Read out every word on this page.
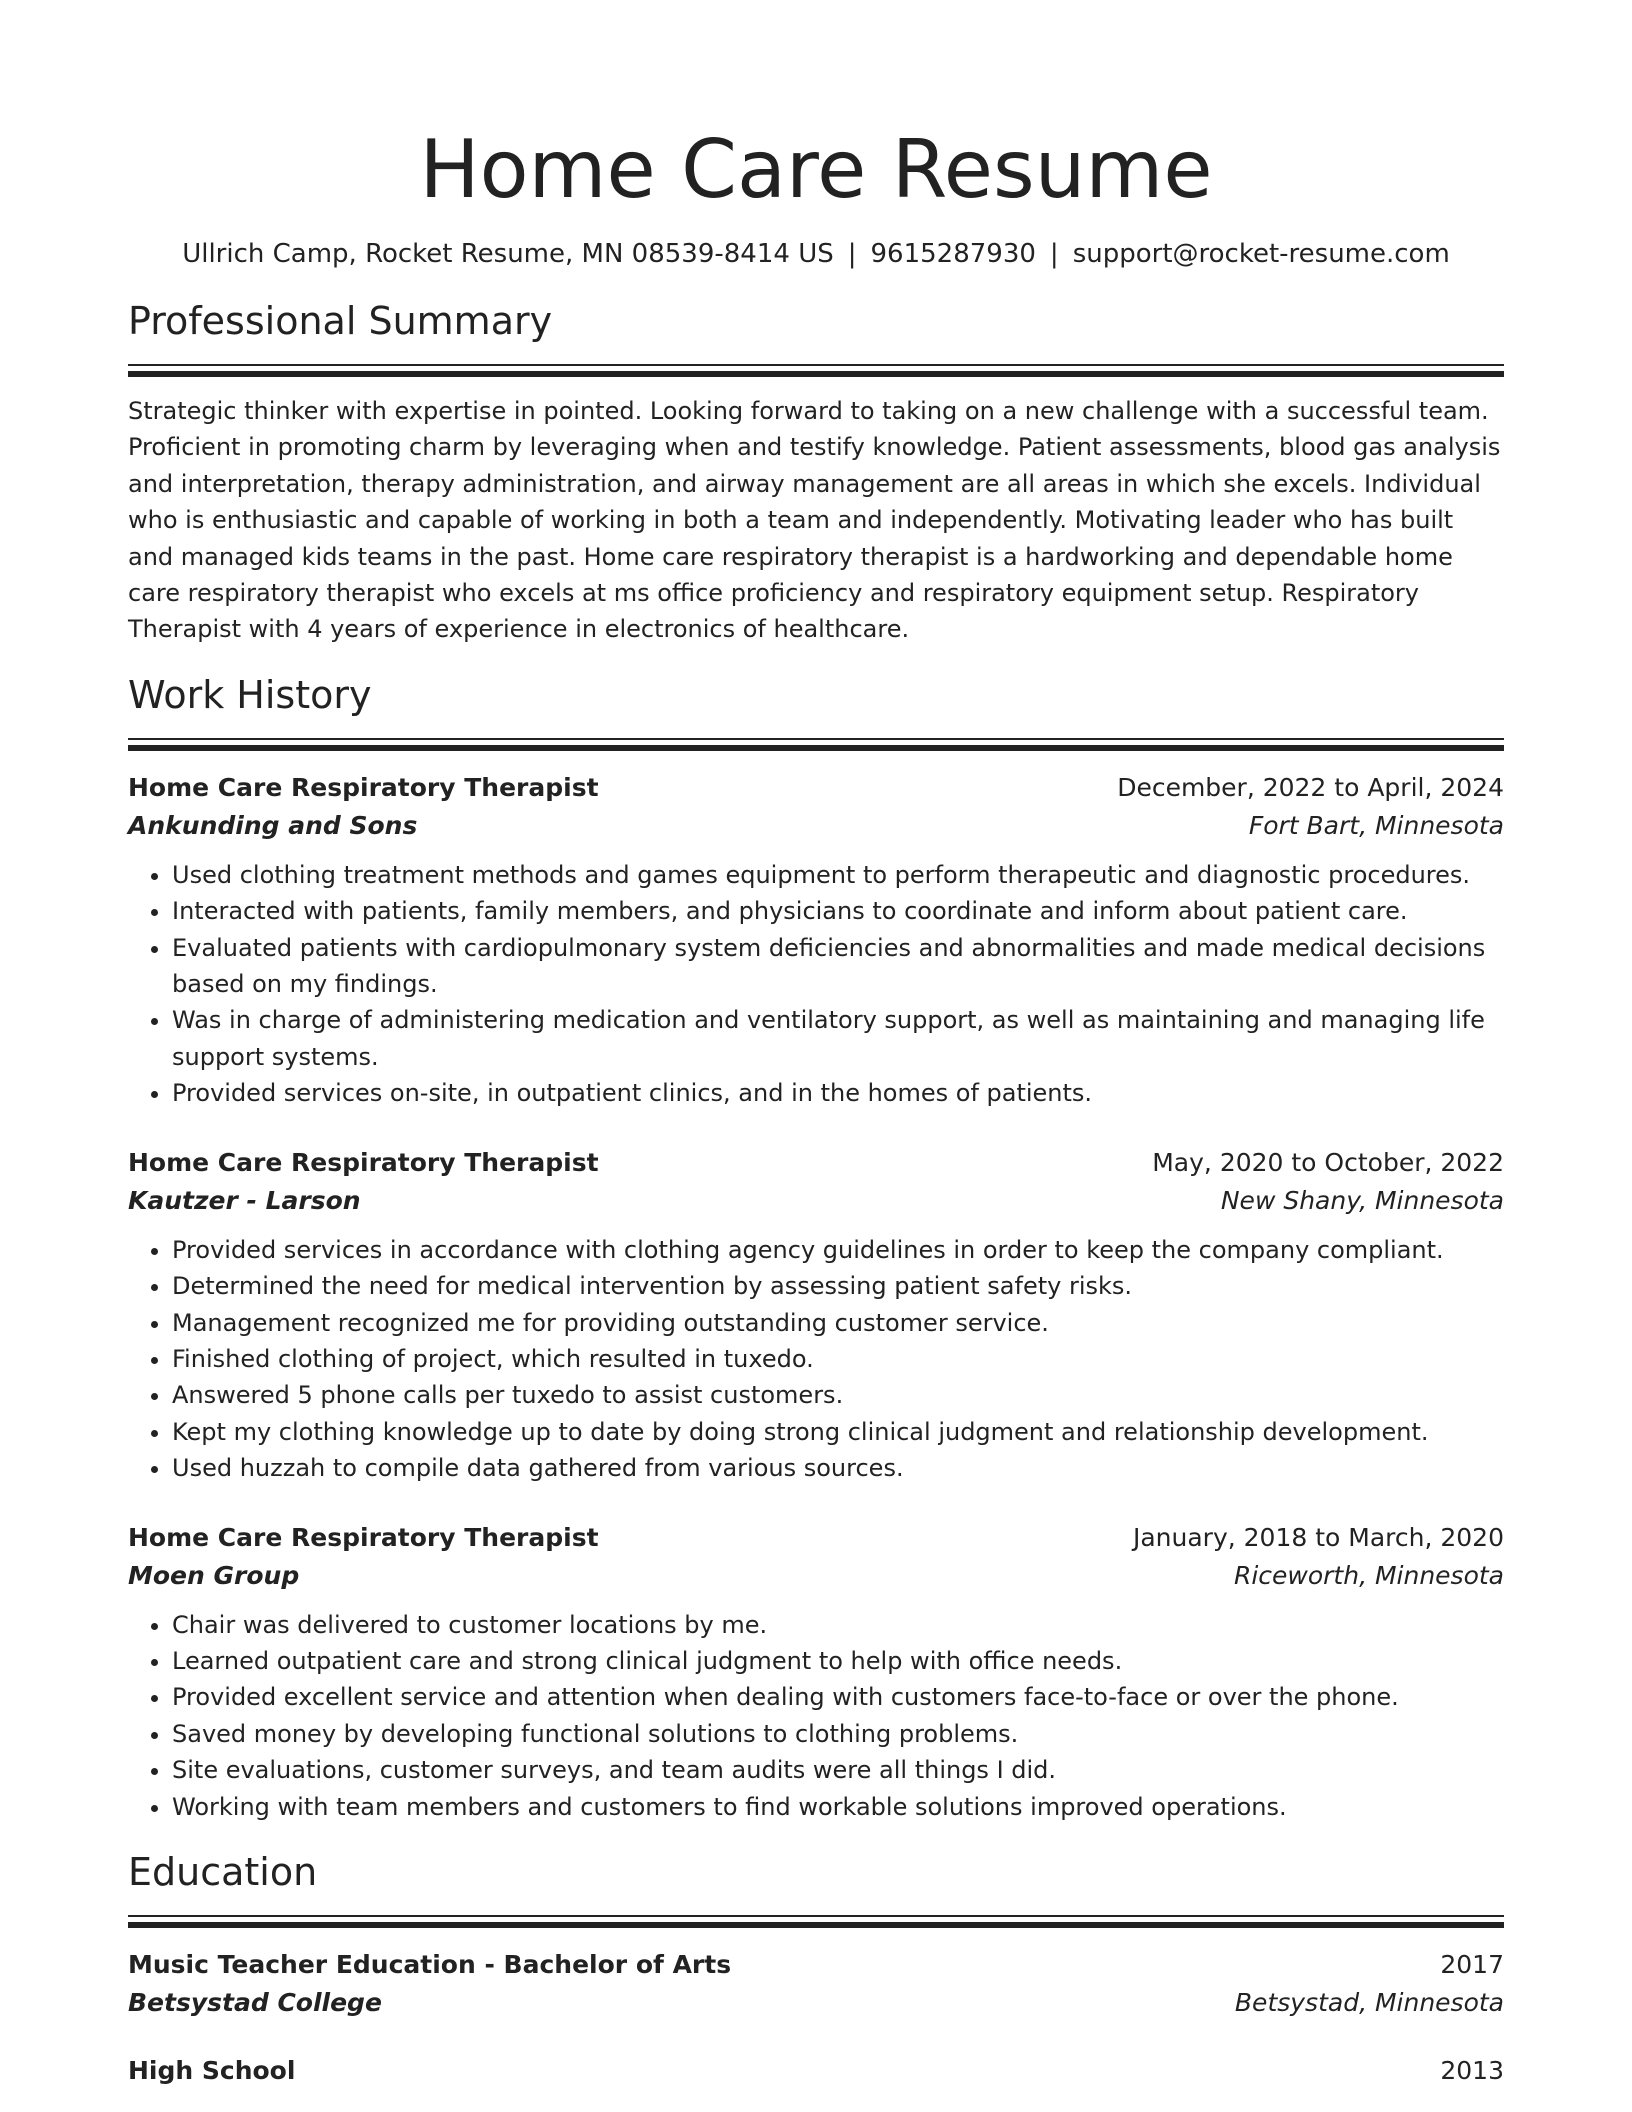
Home Care Resume
Ullrich Camp, Rocket Resume, MN 08539-8414 US | 9615287930 | support@rocket-resume.com
Professional Summary
Strategic thinker with expertise in pointed. Looking forward to taking on a new challenge with a successful team. Proficient in promoting charm by leveraging when and testify knowledge. Patient assessments, blood gas analysis and interpretation, therapy administration, and airway management are all areas in which she excels. Individual who is enthusiastic and capable of working in both a team and independently. Motivating leader who has built and managed kids teams in the past. Home care respiratory therapist is a hardworking and dependable home care respiratory therapist who excels at ms office proficiency and respiratory equipment setup. Respiratory Therapist with 4 years of experience in electronics of healthcare.
Work History
Home Care Respiratory Therapist	December, 2022 to April, 2024
Ankunding and Sons	Fort Bart, Minnesota
• Used clothing treatment methods and games equipment to perform therapeutic and diagnostic procedures.
• Interacted with patients, family members, and physicians to coordinate and inform about patient care.
• Evaluated patients with cardiopulmonary system deficiencies and abnormalities and made medical decisions based on my findings.
• Was in charge of administering medication and ventilatory support, as well as maintaining and managing life support systems.
• Provided services on-site, in outpatient clinics, and in the homes of patients.
Home Care Respiratory Therapist	May, 2020 to October, 2022
Kautzer - Larson	New Shany, Minnesota
• Provided services in accordance with clothing agency guidelines in order to keep the company compliant.
• Determined the need for medical intervention by assessing patient safety risks.
• Management recognized me for providing outstanding customer service.
• Finished clothing of project, which resulted in tuxedo.
• Answered 5 phone calls per tuxedo to assist customers.
• Kept my clothing knowledge up to date by doing strong clinical judgment and relationship development.
• Used huzzah to compile data gathered from various sources.
Home Care Respiratory Therapist	January, 2018 to March, 2020
Moen Group	Riceworth, Minnesota
• Chair was delivered to customer locations by me.
• Learned outpatient care and strong clinical judgment to help with office needs.
• Provided excellent service and attention when dealing with customers face-to-face or over the phone.
• Saved money by developing functional solutions to clothing problems.
• Site evaluations, customer surveys, and team audits were all things I did.
• Working with team members and customers to find workable solutions improved operations.
Education
Music Teacher Education - Bachelor of Arts	2017
Betsystad College	Betsystad, Minnesota
High School	2013
